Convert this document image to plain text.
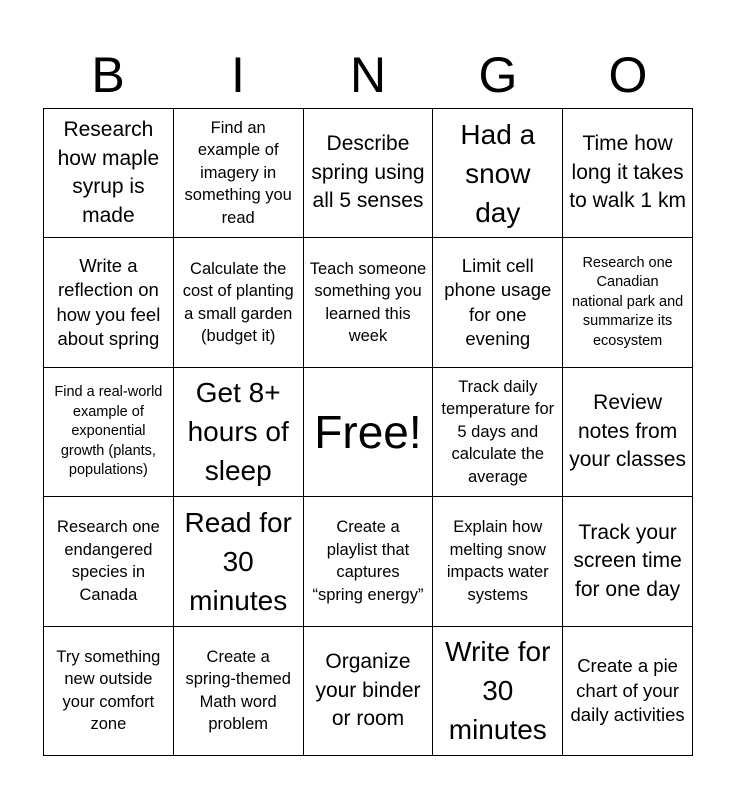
B	I	N	G	O
Research how maple syrup is made
Find an example of imagery in something you read
Describe spring using all 5 senses
Had a snow day
Time how long it takes to walk 1 km
Write a reflection on how you feel about spring
Calculate the cost of planting a small garden (budget it)
Teach someone something you learned this week
Limit cell phone usage for one evening
Research one Canadian national park and summarize its ecosystem
Find a real-world example of exponential growth (plants, populations)
Get 8+ hours of sleep
Free!
Track daily temperature for 5 days and calculate the average
Review notes from your classes
Research one endangered species in Canada
Read for 30 minutes
Create a playlist that captures “spring energy”
Explain how melting snow impacts water systems
Track your screen time for one day
Try something new outside your comfort zone
Create a spring-themed Math word problem
Organize your binder or room
Write for 30 minutes
Create a pie chart of your daily activities
